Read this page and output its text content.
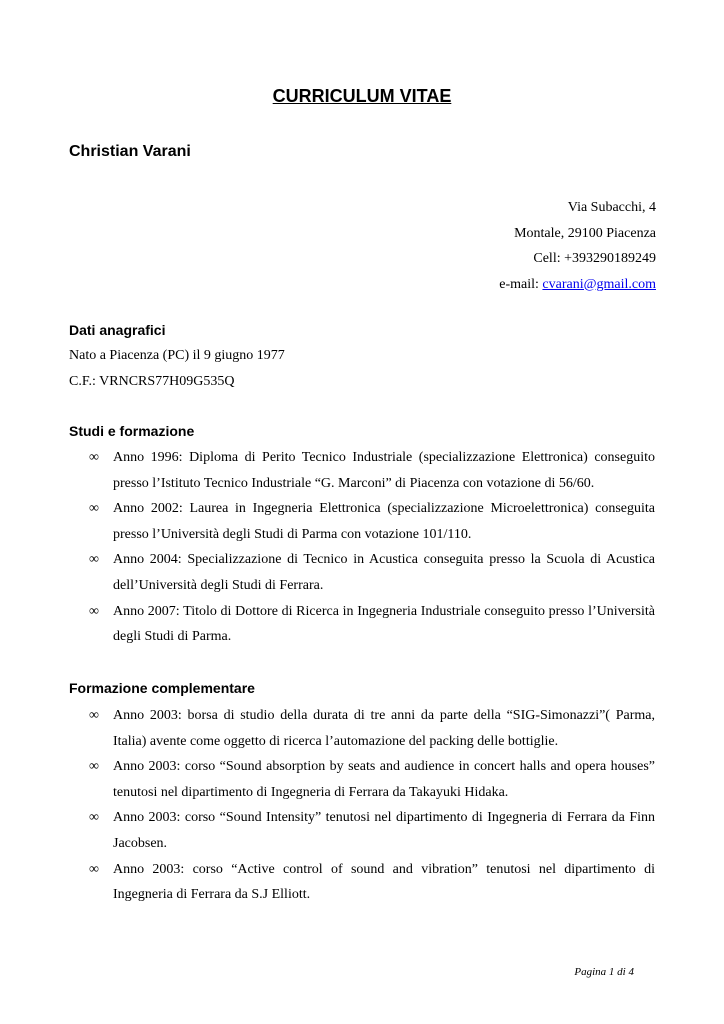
CURRICULUM VITAE
Christian Varani
Via Subacchi, 4
Montale, 29100 Piacenza
Cell: +393290189249
e-mail: cvarani@gmail.com
Dati anagrafici
Nato a Piacenza (PC) il 9 giugno 1977
C.F.: VRNCRS77H09G535Q
Studi e formazione
∞ Anno 1996: Diploma di Perito Tecnico Industriale (specializzazione Elettronica) conseguito presso l’Istituto Tecnico Industriale “G. Marconi” di Piacenza con votazione di 56/60.
∞ Anno 2002: Laurea in Ingegneria Elettronica (specializzazione Microelettronica) conseguita presso l’Università degli Studi di Parma con votazione 101/110.
∞ Anno 2004: Specializzazione di Tecnico in Acustica conseguita presso la Scuola di Acustica dell’Università degli Studi di Ferrara.
∞ Anno 2007: Titolo di Dottore di Ricerca in Ingegneria Industriale conseguito presso l’Università degli Studi di Parma.
Formazione complementare
∞ Anno 2003: borsa di studio della durata di tre anni da parte della “SIG-Simonazzi”( Parma, Italia) avente come oggetto di ricerca l’automazione del packing delle bottiglie.
∞ Anno 2003: corso “Sound absorption by seats and audience in concert halls and opera houses” tenutosi nel dipartimento di Ingegneria di Ferrara da Takayuki Hidaka.
∞ Anno 2003: corso “Sound Intensity” tenutosi nel dipartimento di Ingegneria di Ferrara da Finn Jacobsen.
∞ Anno 2003: corso “Active control of sound and vibration” tenutosi nel dipartimento di Ingegneria di Ferrara da S.J Elliott.
Pagina 1 di 4
